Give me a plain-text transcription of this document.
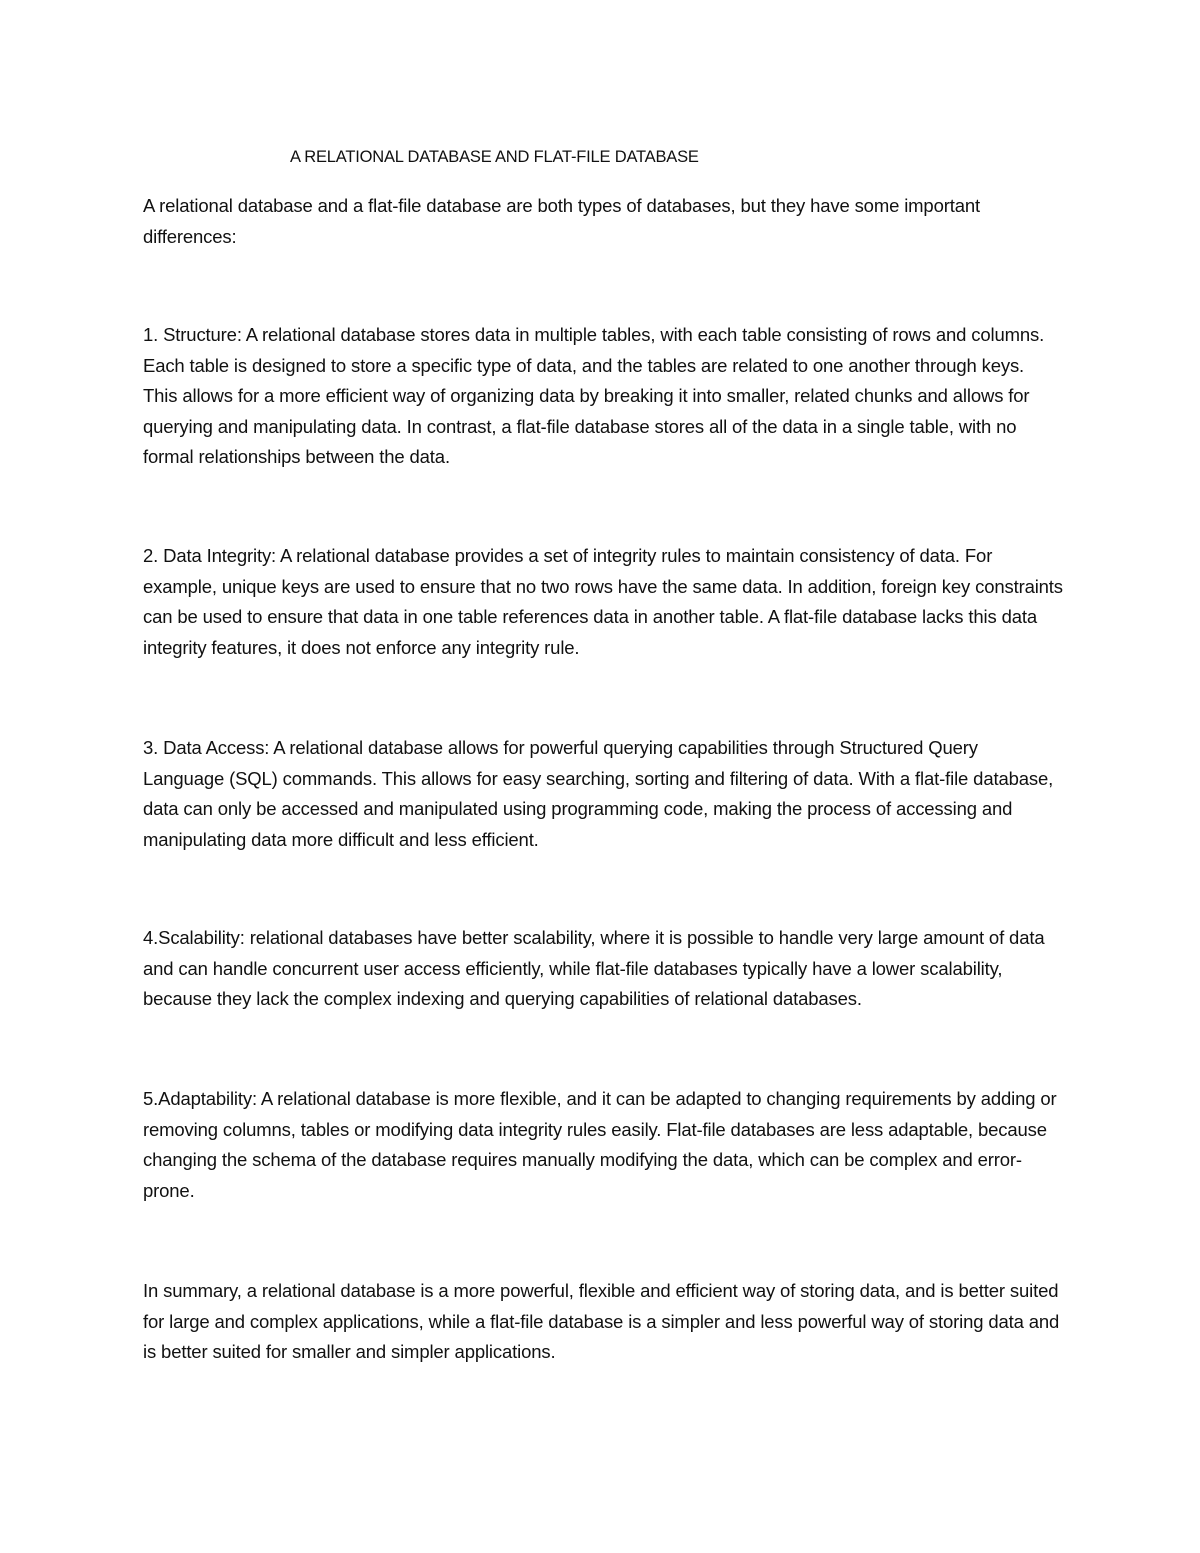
A RELATIONAL DATABASE AND FLAT-FILE DATABASE

A relational database and a flat-file database are both types of databases, but they have some important differences:

1. Structure: A relational database stores data in multiple tables, with each table consisting of rows and columns. Each table is designed to store a specific type of data, and the tables are related to one another through keys. This allows for a more efficient way of organizing data by breaking it into smaller, related chunks and allows for querying and manipulating data. In contrast, a flat-file database stores all of the data in a single table, with no formal relationships between the data.

2. Data Integrity: A relational database provides a set of integrity rules to maintain consistency of data. For example, unique keys are used to ensure that no two rows have the same data. In addition, foreign key constraints can be used to ensure that data in one table references data in another table. A flat-file database lacks this data integrity features, it does not enforce any integrity rule.

3. Data Access: A relational database allows for powerful querying capabilities through Structured Query Language (SQL) commands. This allows for easy searching, sorting and filtering of data. With a flat-file database, data can only be accessed and manipulated using programming code, making the process of accessing and manipulating data more difficult and less efficient.

4.Scalability: relational databases have better scalability, where it is possible to handle very large amount of data and can handle concurrent user access efficiently, while flat-file databases typically have a lower scalability, because they lack the complex indexing and querying capabilities of relational databases.

5.Adaptability: A relational database is more flexible, and it can be adapted to changing requirements by adding or removing columns, tables or modifying data integrity rules easily. Flat-file databases are less adaptable, because changing the schema of the database requires manually modifying the data, which can be complex and error-prone.

In summary, a relational database is a more powerful, flexible and efficient way of storing data, and is better suited for large and complex applications, while a flat-file database is a simpler and less powerful way of storing data and is better suited for smaller and simpler applications.
